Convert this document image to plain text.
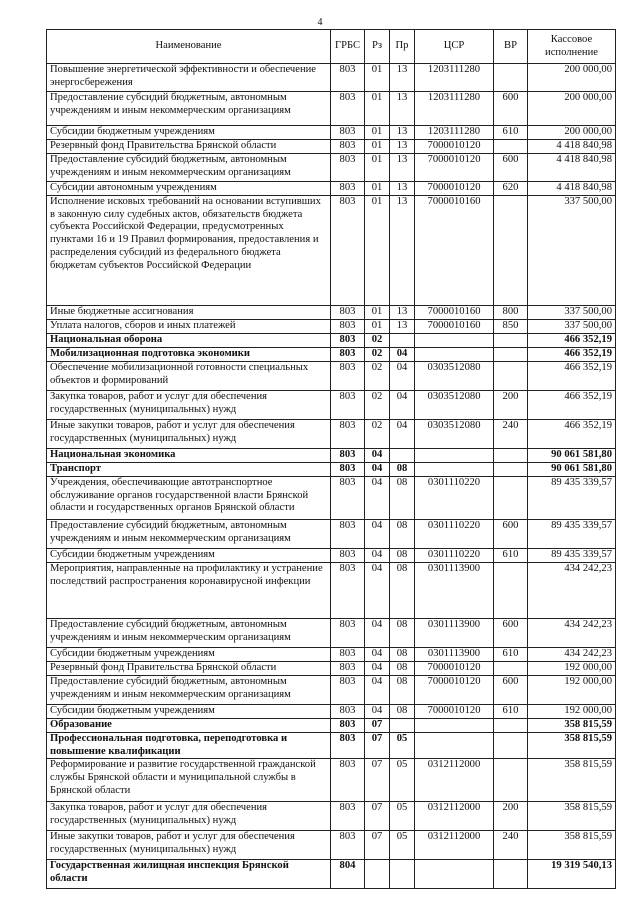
4
Наименование	ГРБС	Рз	Пр	ЦСР	ВР	Кассовое исполнение
Повышение энергетической эффективности и обеспечение энергосбережения	803	01	13	1203111280		200 000,00
Предоставление субсидий бюджетным, автономным учреждениям и иным некоммерческим организациям	803	01	13	1203111280	600	200 000,00
Субсидии бюджетным учреждениям	803	01	13	1203111280	610	200 000,00
Резервный фонд Правительства Брянской области	803	01	13	7000010120		4 418 840,98
Предоставление субсидий бюджетным, автономным учреждениям и иным некоммерческим организациям	803	01	13	7000010120	600	4 418 840,98
Субсидии автономным учреждениям	803	01	13	7000010120	620	4 418 840,98
Исполнение исковых требований на основании вступивших в законную силу судебных актов, обязательств бюджета субъекта Российской Федерации, предусмотренных пунктами 16 и 19 Правил формирования, предоставления и распределения субсидий из федерального бюджета бюджетам субъектов Российской Федерации	803	01	13	7000010160		337 500,00
Иные бюджетные ассигнования	803	01	13	7000010160	800	337 500,00
Уплата налогов, сборов и иных платежей	803	01	13	7000010160	850	337 500,00
Национальная оборона	803	02				466 352,19
Мобилизационная подготовка экономики	803	02	04			466 352,19
Обеспечение мобилизационной готовности специальных объектов и формирований	803	02	04	0303512080		466 352,19
Закупка товаров, работ и услуг для обеспечения государственных (муниципальных) нужд	803	02	04	0303512080	200	466 352,19
Иные закупки товаров, работ и услуг для обеспечения государственных (муниципальных) нужд	803	02	04	0303512080	240	466 352,19
Национальная экономика	803	04				90 061 581,80
Транспорт	803	04	08			90 061 581,80
Учреждения, обеспечивающие автотранспортное обслуживание органов государственной власти Брянской области и государственных органов Брянской области	803	04	08	0301110220		89 435 339,57
Предоставление субсидий бюджетным, автономным учреждениям и иным некоммерческим организациям	803	04	08	0301110220	600	89 435 339,57
Субсидии бюджетным учреждениям	803	04	08	0301110220	610	89 435 339,57
Мероприятия, направленные на профилактику и устранение последствий распространения коронавирусной инфекции	803	04	08	0301113900		434 242,23
Предоставление субсидий бюджетным, автономным учреждениям и иным некоммерческим организациям	803	04	08	0301113900	600	434 242,23
Субсидии бюджетным учреждениям	803	04	08	0301113900	610	434 242,23
Резервный фонд Правительства Брянской области	803	04	08	7000010120		192 000,00
Предоставление субсидий бюджетным, автономным учреждениям и иным некоммерческим организациям	803	04	08	7000010120	600	192 000,00
Субсидии бюджетным учреждениям	803	04	08	7000010120	610	192 000,00
Образование	803	07				358 815,59
Профессиональная подготовка, переподготовка и повышение квалификации	803	07	05			358 815,59
Реформирование и развитие государственной гражданской службы Брянской области и муниципальной службы в Брянской области	803	07	05	0312112000		358 815,59
Закупка товаров, работ и услуг для обеспечения государственных (муниципальных) нужд	803	07	05	0312112000	200	358 815,59
Иные закупки товаров, работ и услуг для обеспечения государственных (муниципальных) нужд	803	07	05	0312112000	240	358 815,59
Государственная жилищная инспекция Брянской области	804					19 319 540,13
